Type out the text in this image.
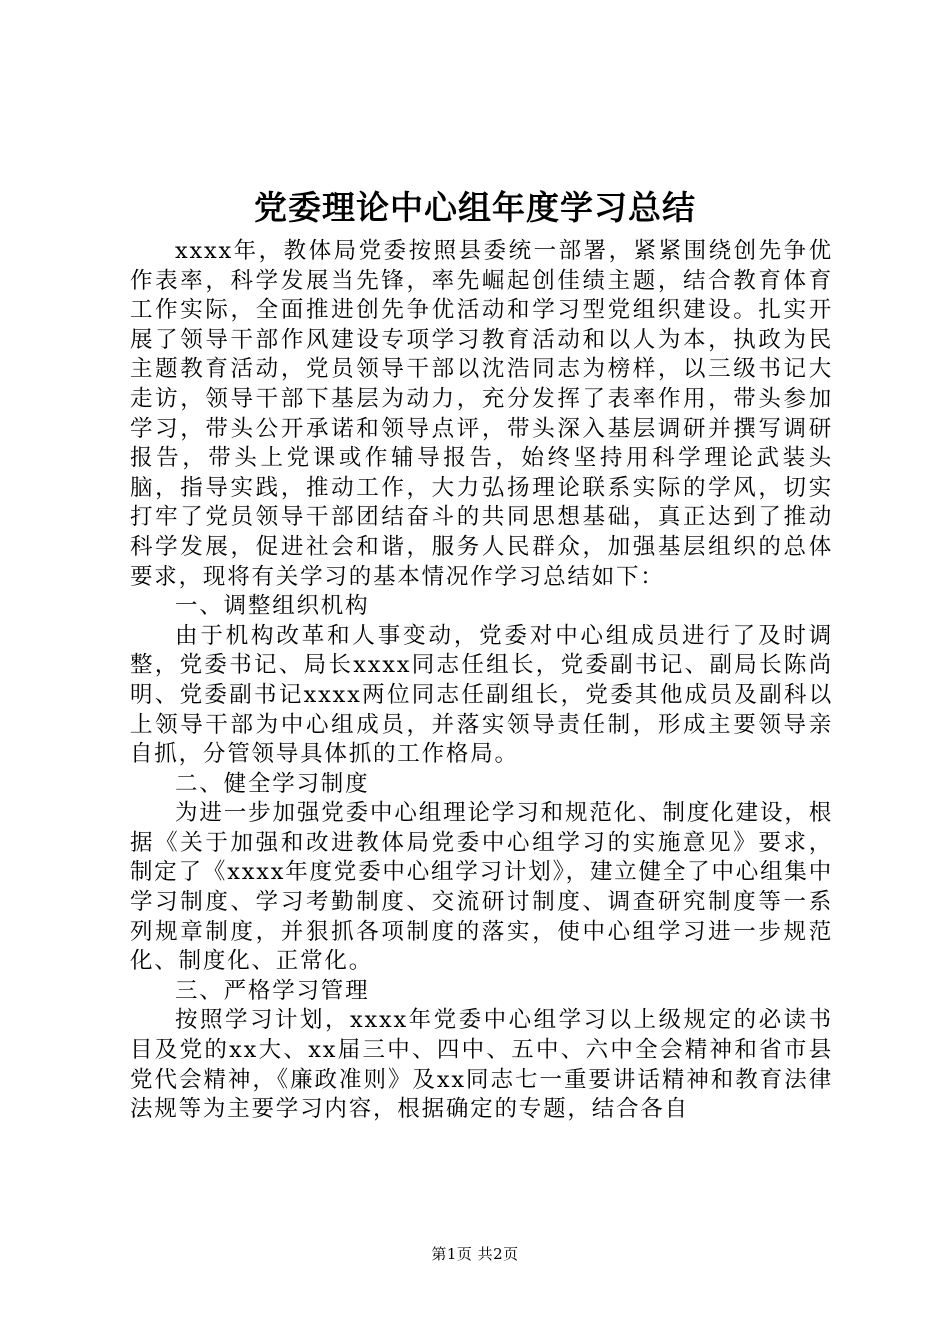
党委理论中心组年度学习总结

xxxx年，教体局党委按照县委统一部署，紧紧围绕创先争优作表率，科学发展当先锋，率先崛起创佳绩主题，结合教育体育工作实际，全面推进创先争优活动和学习型党组织建设。扎实开展了领导干部作风建设专项学习教育活动和以人为本，执政为民主题教育活动，党员领导干部以沈浩同志为榜样，以三级书记大走访，领导干部下基层为动力，充分发挥了表率作用，带头参加学习，带头公开承诺和领导点评，带头深入基层调研并撰写调研报告，带头上党课或作辅导报告，始终坚持用科学理论武装头脑，指导实践，推动工作，大力弘扬理论联系实际的学风，切实打牢了党员领导干部团结奋斗的共同思想基础，真正达到了推动科学发展，促进社会和谐，服务人民群众，加强基层组织的总体要求，现将有关学习的基本情况作学习总结如下：

一、调整组织机构

由于机构改革和人事变动，党委对中心组成员进行了及时调整，党委书记、局长xxxx同志任组长，党委副书记、副局长陈尚明、党委副书记xxxx两位同志任副组长，党委其他成员及副科以上领导干部为中心组成员，并落实领导责任制，形成主要领导亲自抓，分管领导具体抓的工作格局。

二、健全学习制度

为进一步加强党委中心组理论学习和规范化、制度化建设，根据《关于加强和改进教体局党委中心组学习的实施意见》要求，制定了《xxxx年度党委中心组学习计划》，建立健全了中心组集中学习制度、学习考勤制度、交流研讨制度、调查研究制度等一系列规章制度，并狠抓各项制度的落实，使中心组学习进一步规范化、制度化、正常化。

三、严格学习管理

按照学习计划，xxxx年党委中心组学习以上级规定的必读书目及党的xx大、xx届三中、四中、五中、六中全会精神和省市县党代会精神，《廉政准则》及xx同志七一重要讲话精神和教育法律法规等为主要学习内容，根据确定的专题，结合各自

第1页 共2页
